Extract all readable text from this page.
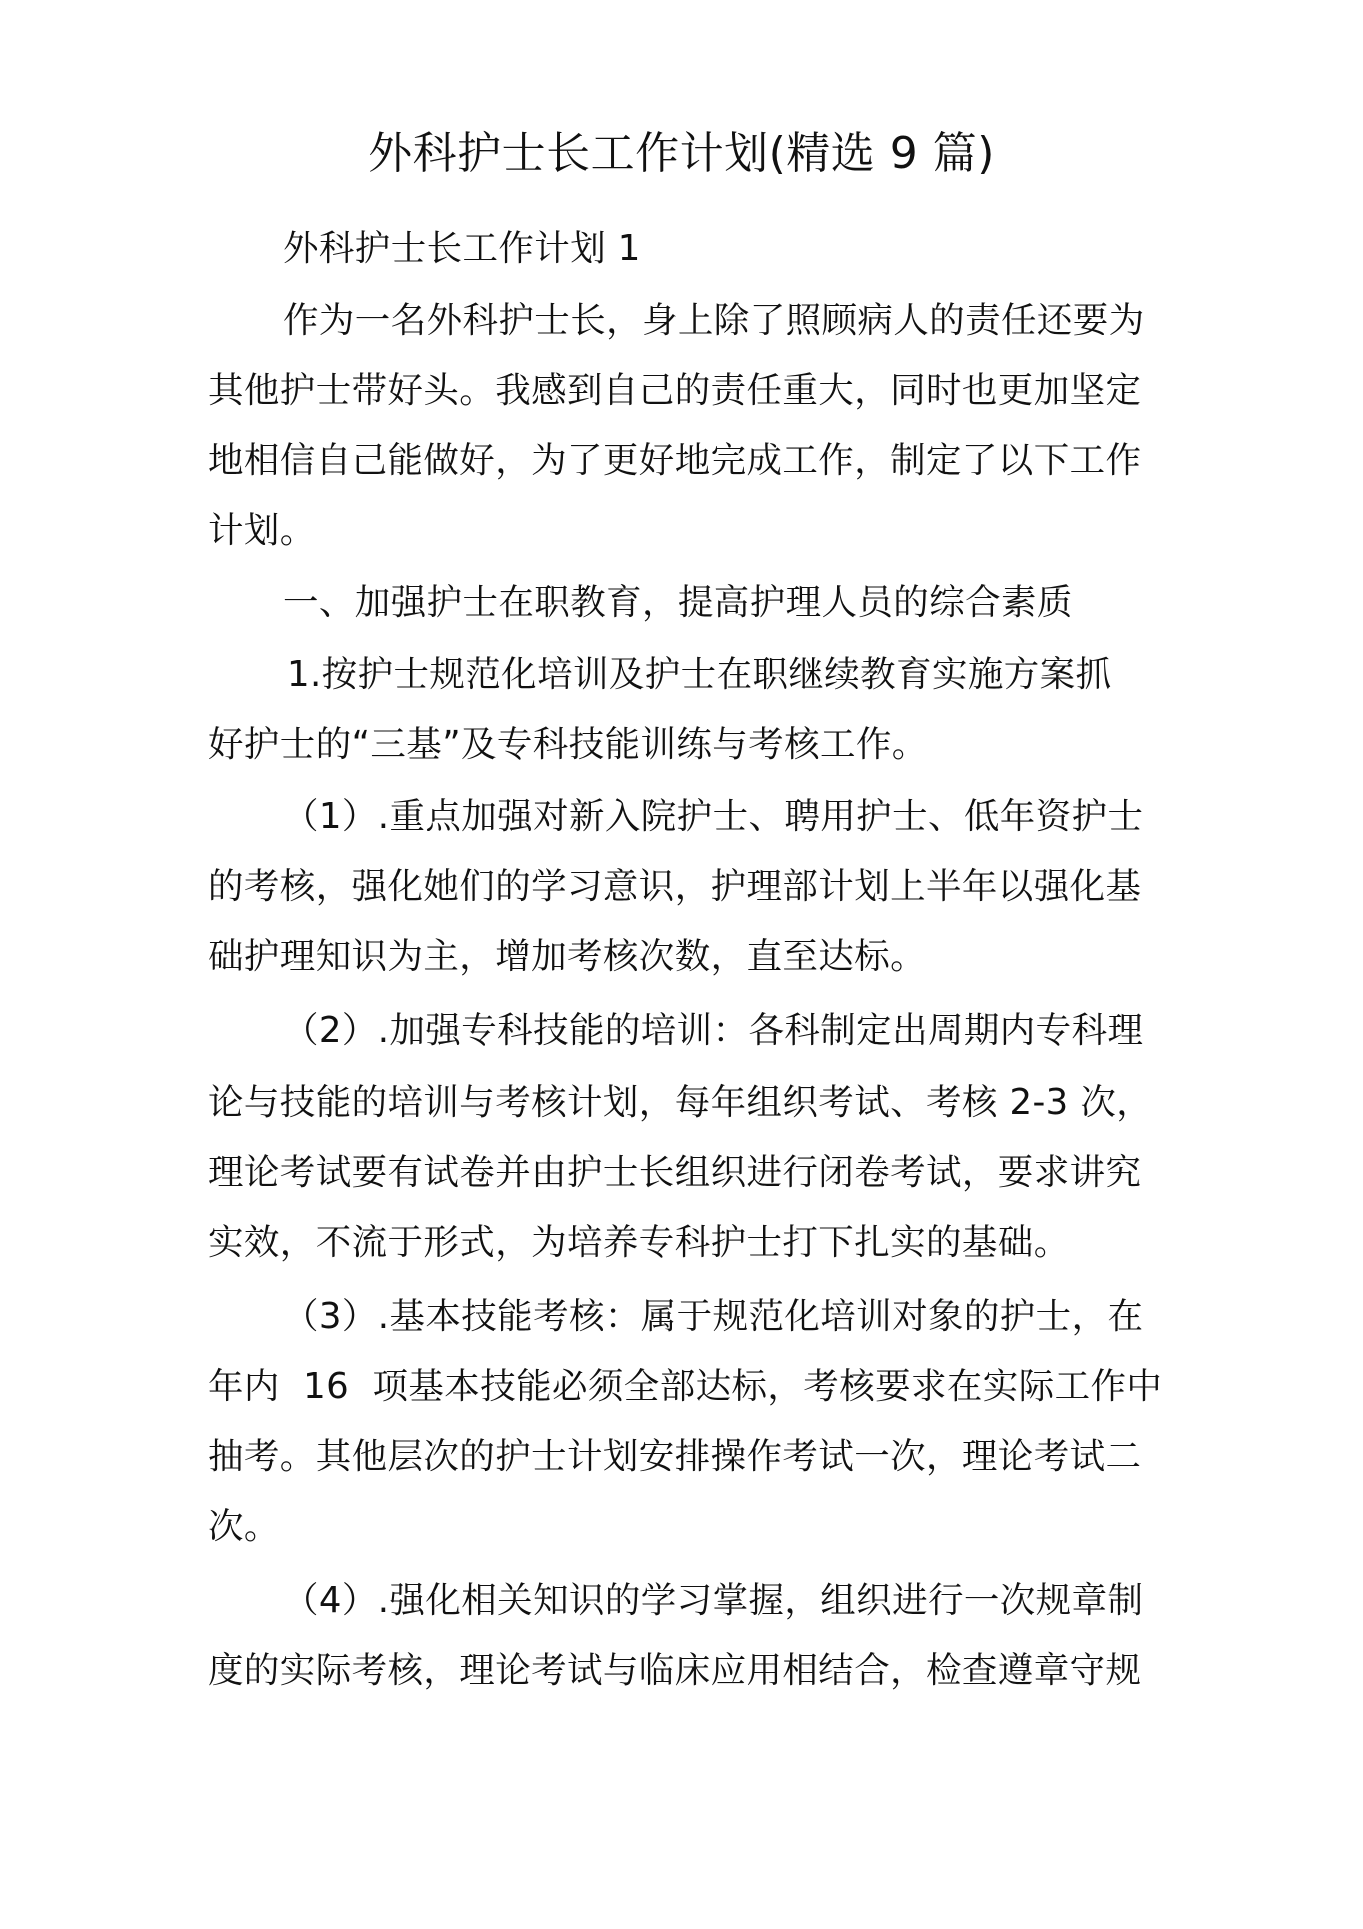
外科护士长工作计划(精选 9 篇)
外科护士长工作计划 1
作为一名外科护士长，身上除了照顾病人的责任还要为
其他护士带好头。我感到自己的责任重大，同时也更加坚定
地相信自己能做好，为了更好地完成工作，制定了以下工作
计划。
一、加强护士在职教育，提高护理人员的综合素质
1.按护士规范化培训及护士在职继续教育实施方案抓
好护士的“三基”及专科技能训练与考核工作。
（1）.重点加强对新入院护士、聘用护士、低年资护士
的考核，强化她们的学习意识，护理部计划上半年以强化基
础护理知识为主，增加考核次数，直至达标。
（2）.加强专科技能的培训：各科制定出周期内专科理
论与技能的培训与考核计划，每年组织考试、考核 2-3 次，
理论考试要有试卷并由护士长组织进行闭卷考试，要求讲究
实效，不流于形式，为培养专科护士打下扎实的基础。
（3）.基本技能考核：属于规范化培训对象的护士，在
年内  16  项基本技能必须全部达标，考核要求在实际工作中
抽考。其他层次的护士计划安排操作考试一次，理论考试二
次。
（4）.强化相关知识的学习掌握，组织进行一次规章制
度的实际考核，理论考试与临床应用相结合，检查遵章守规
